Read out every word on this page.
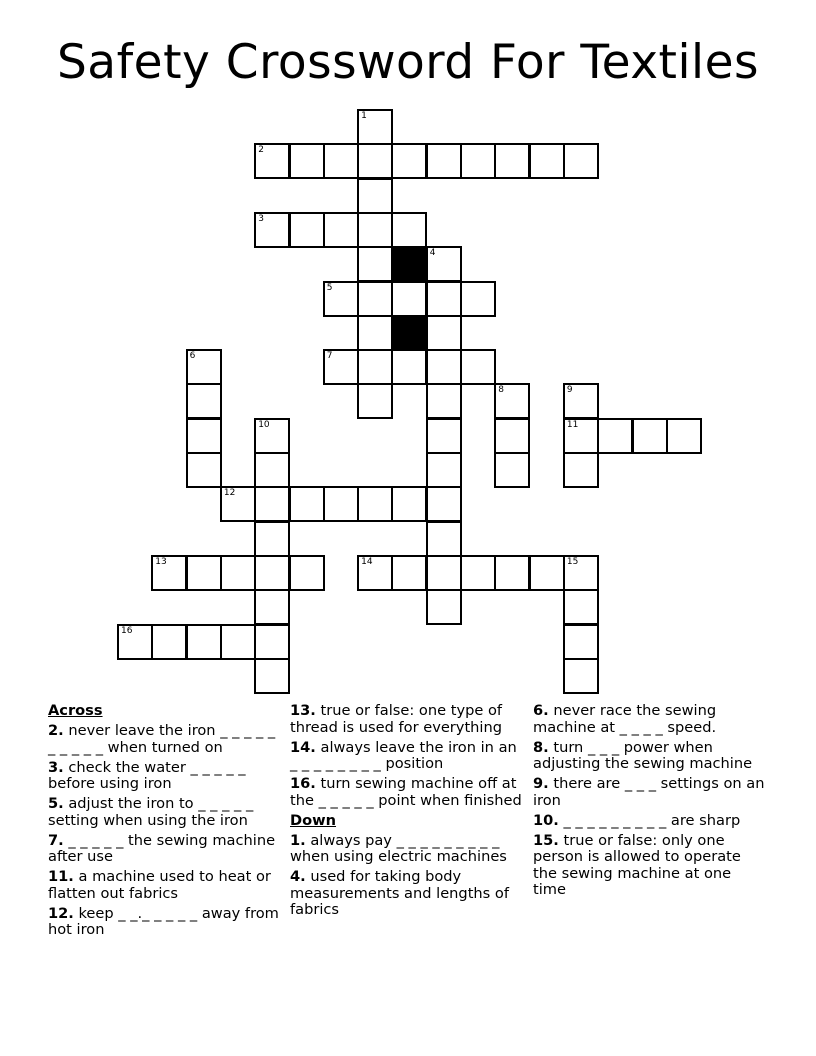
Safety Crossword For Textiles
1
2
3
4
5
6	7
8	9
11
10
12
13	14	15
16
Across
2. never leave the iron _ _ _ _ _ _ _ _ _ _ when turned on
3. check the water _ _ _ _ _ before using iron
5. adjust the iron to _ _ _ _ _ setting when using the iron
7. _ _ _ _ _ the sewing machine after use
11. a machine used to heat or flatten out fabrics
12. keep _ _._ _ _ _ _ away from hot iron
13. true or false: one type of thread is used for everything
14. always leave the iron in an _ _ _ _ _ _ _ _ position
16. turn sewing machine off at the _ _ _ _ _ point when finished
Down
1. always pay _ _ _ _ _ _ _ _ _ when using electric machines
4. used for taking body measurements and lengths of fabrics
6. never race the sewing machine at _ _ _ _ speed.
8. turn _ _ _ power when adjusting the sewing machine
9. there are _ _ _ settings on an iron
10. _ _ _ _ _ _ _ _ _ are sharp
15. true or false: only one person is allowed to operate the sewing machine at one time
